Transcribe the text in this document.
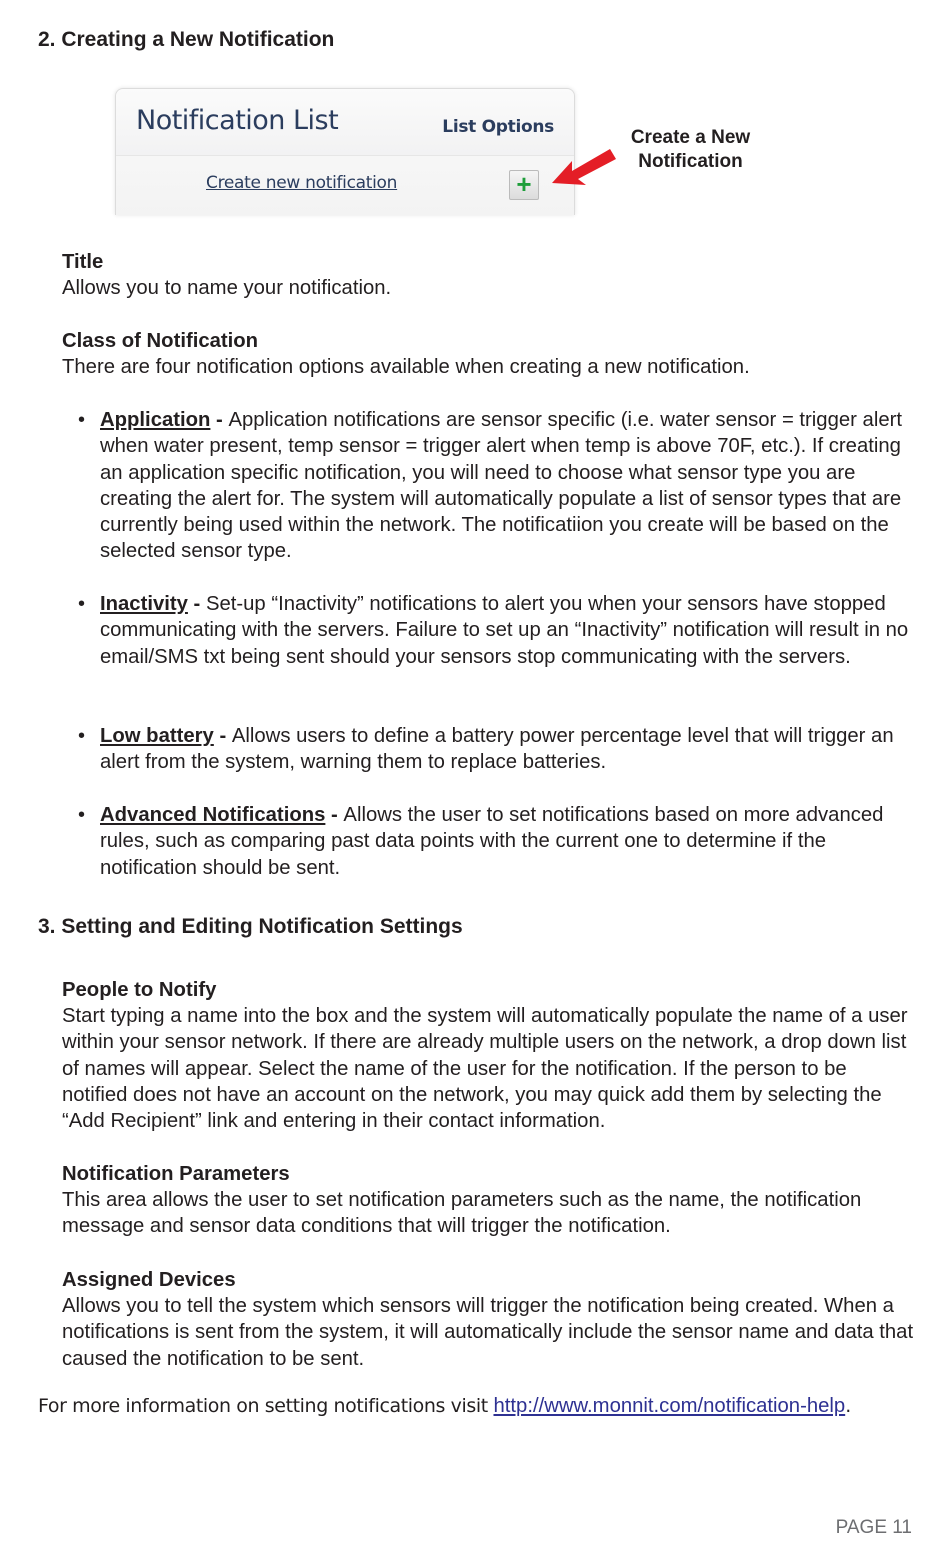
2. Creating a New Notification
Notification List	List Options
Create new notification	+
Create a New Notification
Title
Allows you to name your notification.
Class of Notification
There are four notification options available when creating a new notification.
• Application - Application notifications are sensor specific (i.e. water sensor = trigger alert when water present, temp sensor = trigger alert when temp is above 70F, etc.). If creating an application specific notification, you will need to choose what sensor type you are creating the alert for. The system will automatically populate a list of sensor types that are currently being used within the network. The notificatiion you create will be based on the selected sensor type.
• Inactivity - Set-up “Inactivity” notifications to alert you when your sensors have stopped communicating with the servers. Failure to set up an “Inactivity” notification will result in no email/SMS txt being sent should your sensors stop communicating with the servers.
• Low battery - Allows users to define a battery power percentage level that will trigger an alert from the system, warning them to replace batteries.
• Advanced Notifications - Allows the user to set notifications based on more advanced rules, such as comparing past data points with the current one to determine if the notification should be sent.
3. Setting and Editing Notification Settings
People to Notify
Start typing a name into the box and the system will automatically populate the name of a user within your sensor network. If there are already multiple users on the network, a drop down list of names will appear. Select the name of the user for the notification. If the person to be notified does not have an account on the network, you may quick add them by selecting the “Add Recipient” link and entering in their contact information.
Notification Parameters
This area allows the user to set notification parameters such as the name, the notification message and sensor data conditions that will trigger the notification.
Assigned Devices
Allows you to tell the system which sensors will trigger the notification being created. When a notifications is sent from the system, it will automatically include the sensor name and data that caused the notification to be sent.
For more information on setting notifications visit http://www.monnit.com/notification-help.
PAGE 11
